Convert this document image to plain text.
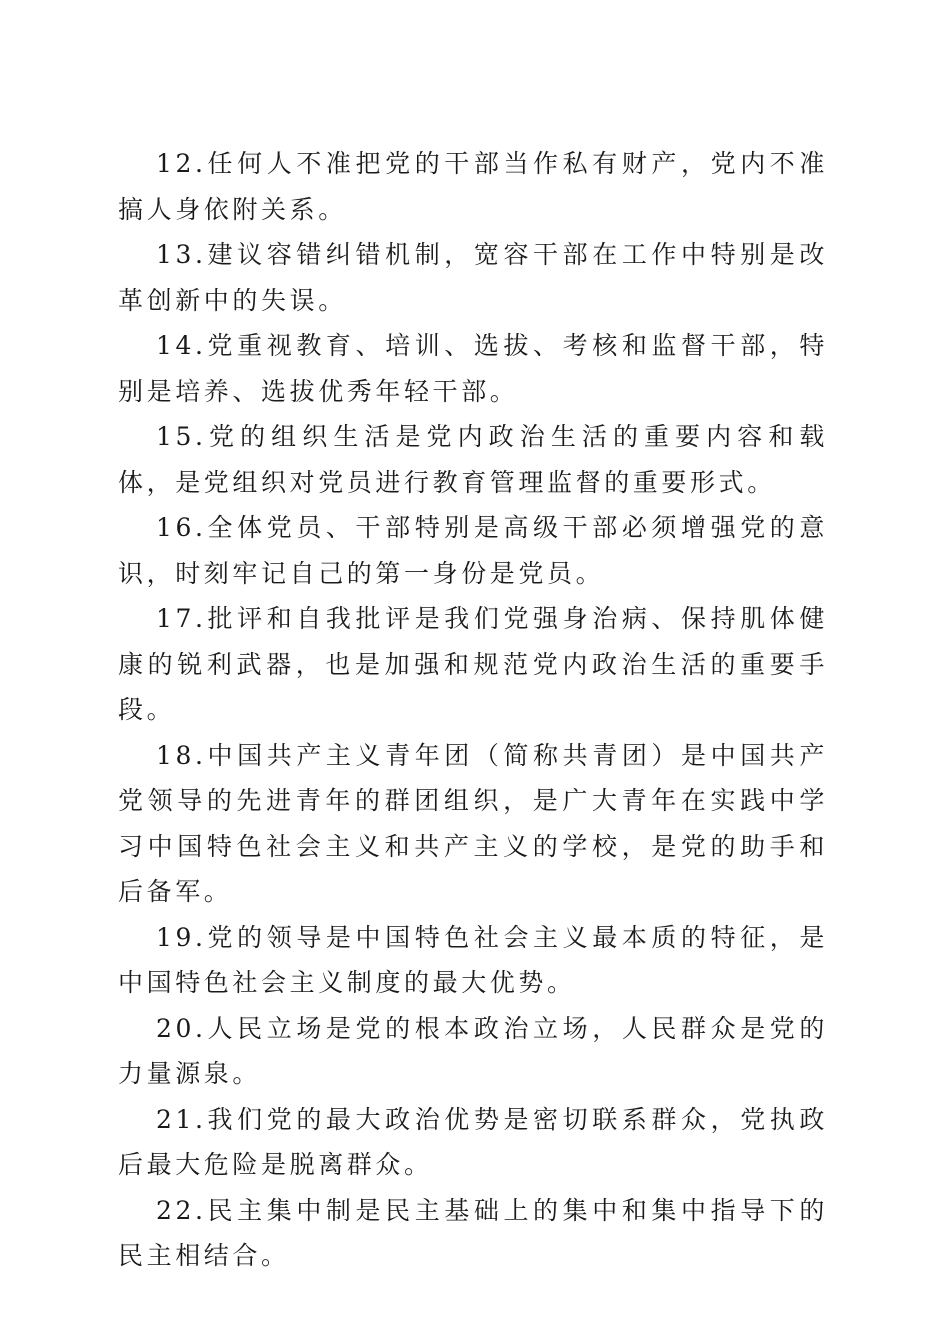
12.任何人不准把党的干部当作私有财产，党内不准搞人身依附关系。

13.建议容错纠错机制，宽容干部在工作中特别是改革创新中的失误。

14.党重视教育、培训、选拔、考核和监督干部，特别是培养、选拔优秀年轻干部。

15.党的组织生活是党内政治生活的重要内容和载体，是党组织对党员进行教育管理监督的重要形式。

16.全体党员、干部特别是高级干部必须增强党的意识，时刻牢记自己的第一身份是党员。

17.批评和自我批评是我们党强身治病、保持肌体健康的锐利武器，也是加强和规范党内政治生活的重要手段。

18.中国共产主义青年团（简称共青团）是中国共产党领导的先进青年的群团组织，是广大青年在实践中学习中国特色社会主义和共产主义的学校，是党的助手和后备军。

19.党的领导是中国特色社会主义最本质的特征，是中国特色社会主义制度的最大优势。

20.人民立场是党的根本政治立场，人民群众是党的力量源泉。

21.我们党的最大政治优势是密切联系群众，党执政后最大危险是脱离群众。

22.民主集中制是民主基础上的集中和集中指导下的民主相结合。
